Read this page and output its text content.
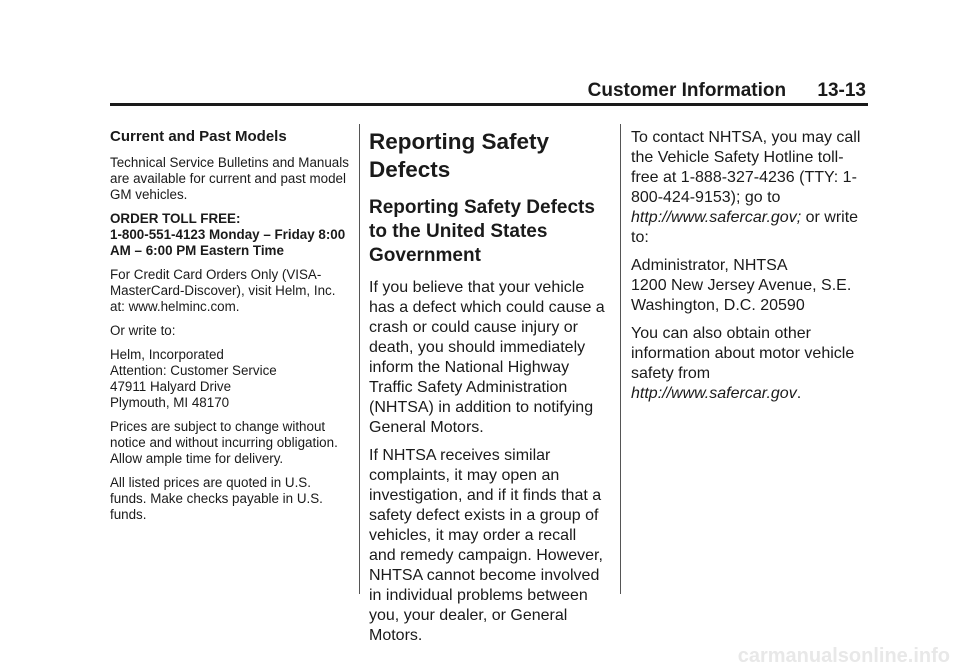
Customer Information 13-13
Current and Past Models

Technical Service Bulletins and Manuals are available for current and past model GM vehicles.

ORDER TOLL FREE:
1-800-551-4123 Monday – Friday 8:00 AM – 6:00 PM Eastern Time

For Credit Card Orders Only (VISA-MasterCard-Discover), visit Helm, Inc. at: www.helminc.com.

Or write to:

Helm, Incorporated
Attention: Customer Service
47911 Halyard Drive
Plymouth, MI 48170

Prices are subject to change without notice and without incurring obligation. Allow ample time for delivery.

All listed prices are quoted in U.S. funds. Make checks payable in U.S. funds.

Reporting Safety Defects
Reporting Safety Defects to the United States Government

If you believe that your vehicle has a defect which could cause a crash or could cause injury or death, you should immediately inform the National Highway Traffic Safety Administration (NHTSA) in addition to notifying General Motors.

If NHTSA receives similar complaints, it may open an investigation, and if it finds that a safety defect exists in a group of vehicles, it may order a recall and remedy campaign. However, NHTSA cannot become involved in individual problems between you, your dealer, or General Motors.

To contact NHTSA, you may call the Vehicle Safety Hotline toll-free at 1-888-327-4236 (TTY: 1-800-424-9153); go to
http://www.safercar.gov; or write to:

Administrator, NHTSA
1200 New Jersey Avenue, S.E.
Washington, D.C. 20590

You can also obtain other information about motor vehicle safety from
http://www.safercar.gov.

carmanualsonline.info
